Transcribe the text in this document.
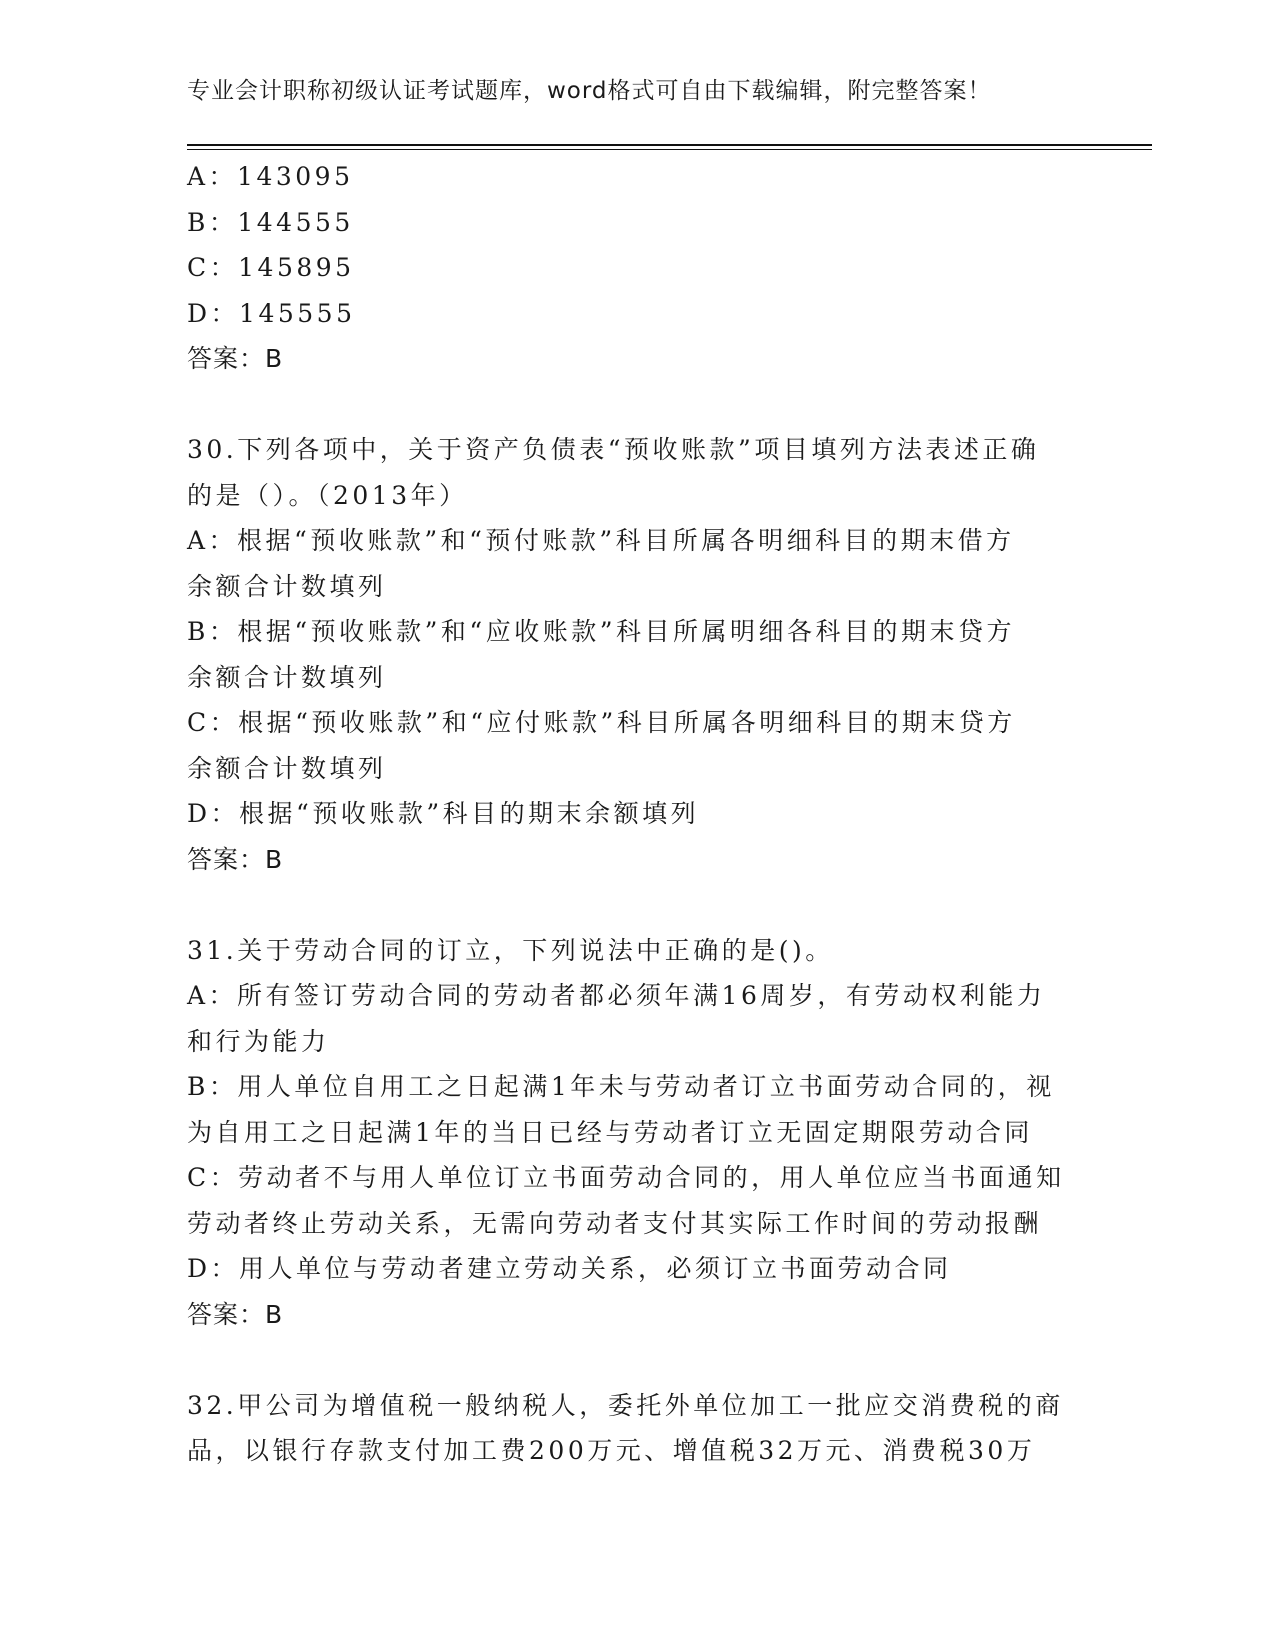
专业会计职称初级认证考试题库，word格式可自由下载编辑，附完整答案！
A：143095
B：144555
C：145895
D：145555
答案：B
30.下列各项中，关于资产负债表“预收账款”项目填列方法表述正确
的是（）。（2013年）
A：根据“预收账款”和“预付账款”科目所属各明细科目的期末借方
余额合计数填列
B：根据“预收账款”和“应收账款”科目所属明细各科目的期末贷方
余额合计数填列
C：根据“预收账款”和“应付账款”科目所属各明细科目的期末贷方
余额合计数填列
D：根据“预收账款”科目的期末余额填列
答案：B
31.关于劳动合同的订立，下列说法中正确的是()。
A：所有签订劳动合同的劳动者都必须年满16周岁，有劳动权利能力
和行为能力
B：用人单位自用工之日起满1年未与劳动者订立书面劳动合同的，视
为自用工之日起满1年的当日已经与劳动者订立无固定期限劳动合同
C：劳动者不与用人单位订立书面劳动合同的，用人单位应当书面通知
劳动者终止劳动关系，无需向劳动者支付其实际工作时间的劳动报酬
D：用人单位与劳动者建立劳动关系，必须订立书面劳动合同
答案：B
32.甲公司为增值税一般纳税人，委托外单位加工一批应交消费税的商
品，以银行存款支付加工费200万元、增值税32万元、消费税30万
